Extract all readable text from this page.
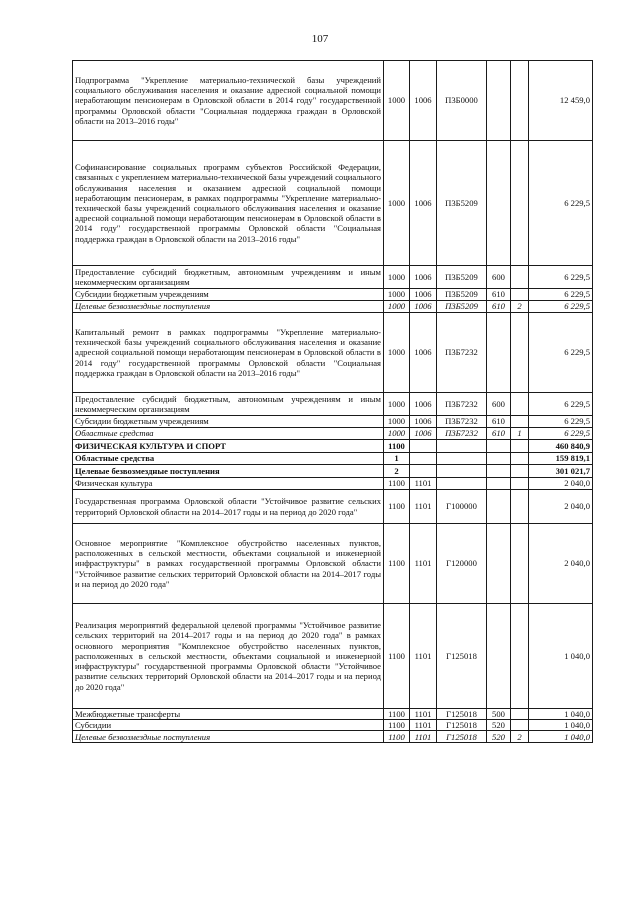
107
Подпрограмма "Укрепление материально-технической базы учреждений социального обслуживания населения и оказание адресной социальной помощи неработающим пенсионерам в Орловской области в 2014 году" государственной программы Орловской области "Социальная поддержка граждан в Орловской области на 2013–2016 годы"	1000	1006	П3Б0000			12 459,0
Софинансирование социальных программ субъектов Российской Федерации, связанных с укреплением материально-технической базы учреждений социального обслуживания населения и оказанием адресной социальной помощи неработающим пенсионерам, в рамках подпрограммы "Укрепление материально-технической базы учреждений социального обслуживания населения и оказание адресной социальной помощи неработающим пенсионерам в Орловской области в 2014 году" государственной программы Орловской области "Социальная поддержка граждан в Орловской области на 2013–2016 годы"	1000	1006	П3Б5209			6 229,5
Предоставление субсидий бюджетным, автономным учреждениям и иным некоммерческим организациям	1000	1006	П3Б5209	600		6 229,5
Субсидии бюджетным учреждениям	1000	1006	П3Б5209	610		6 229,5
Целевые безвозмездные поступления	1000	1006	П3Б5209	610	2	6 229,5
Капитальный ремонт в рамках подпрограммы "Укрепление материально-технической базы учреждений социального обслуживания населения и оказание адресной социальной помощи неработающим пенсионерам в Орловской области в 2014 году" государственной программы Орловской области "Социальная поддержка граждан в Орловской области на 2013–2016 годы"	1000	1006	П3Б7232			6 229,5
Предоставление субсидий бюджетным, автономным учреждениям и иным некоммерческим организациям	1000	1006	П3Б7232	600		6 229,5
Субсидии бюджетным учреждениям	1000	1006	П3Б7232	610		6 229,5
Областные средства	1000	1006	П3Б7232	610	1	6 229,5
ФИЗИЧЕСКАЯ КУЛЬТУРА И СПОРТ	1100					460 840,9
Областные средства	1					159 819,1
Целевые безвозмездные поступления	2					301 021,7
Физическая культура	1100	1101				2 040,0
Государственная программа Орловской области "Устойчивое развитие сельских территорий Орловской области на 2014–2017 годы и на период до 2020 года"	1100	1101	Г100000			2 040,0
Основное мероприятие "Комплексное обустройство населенных пунктов, расположенных в сельской местности, объектами социальной и инженерной инфраструктуры" в рамках государственной программы Орловской области "Устойчивое развитие сельских территорий Орловской области на 2014–2017 годы и на период до 2020 года"	1100	1101	Г120000			2 040,0
Реализация мероприятий федеральной целевой программы "Устойчивое развитие сельских территорий на 2014–2017 годы и на период до 2020 года" в рамках основного мероприятия "Комплексное обустройство населенных пунктов, расположенных в сельской местности, объектами социальной и инженерной инфраструктуры" государственной программы Орловской области "Устойчивое развитие сельских территорий Орловской области на 2014–2017 годы и на период до 2020 года"	1100	1101	Г125018			1 040,0
Межбюджетные трансферты	1100	1101	Г125018	500		1 040,0
Субсидии	1100	1101	Г125018	520		1 040,0
Целевые безвозмездные поступления	1100	1101	Г125018	520	2	1 040,0
